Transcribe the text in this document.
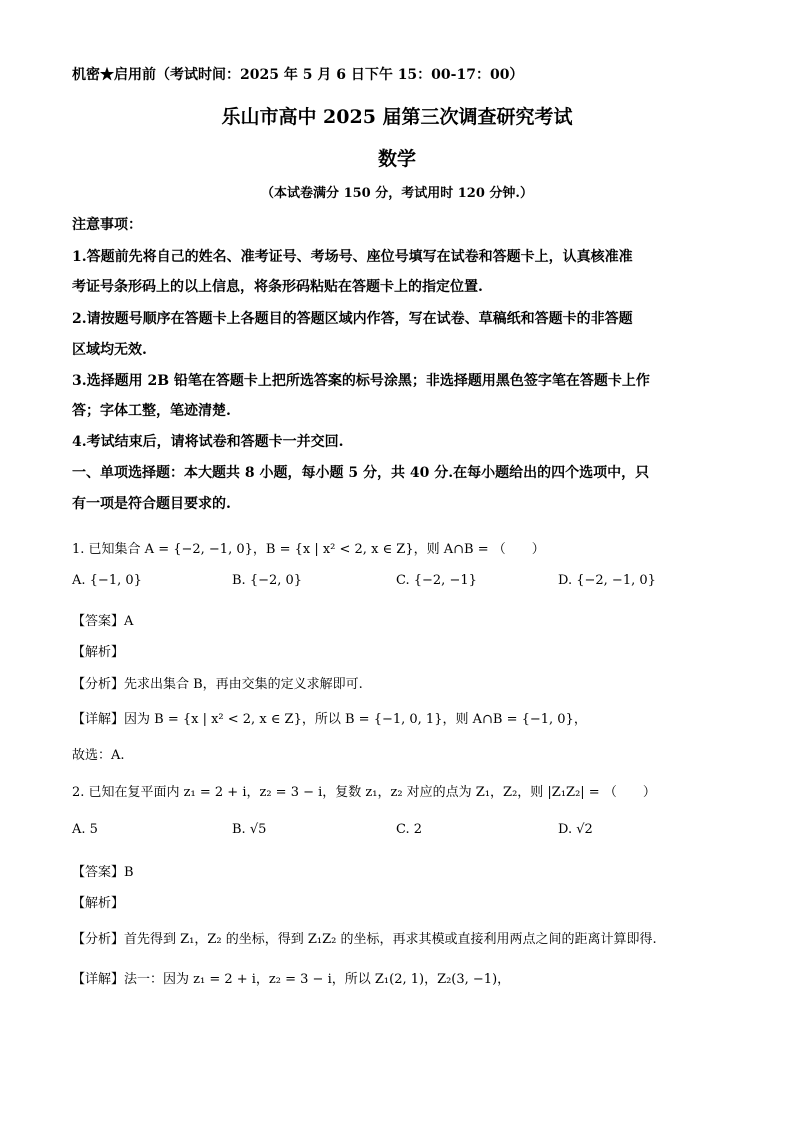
机密★启用前（考试时间：2025 年 5 月 6 日下午 15：00-17：00）
乐山市高中 2025 届第三次调查研究考试
数学
（本试卷满分 150 分，考试用时 120 分钟.）
注意事项：
1.答题前先将自己的姓名、准考证号、考场号、座位号填写在试卷和答题卡上，认真核准准
考证号条形码上的以上信息，将条形码粘贴在答题卡上的指定位置.
2.请按题号顺序在答题卡上各题目的答题区域内作答，写在试卷、草稿纸和答题卡的非答题
区域均无效.
3.选择题用 2B 铅笔在答题卡上把所选答案的标号涂黑；非选择题用黑色签字笔在答题卡上作
答；字体工整，笔迹清楚.
4.考试结束后，请将试卷和答题卡一并交回.
一、单项选择题：本大题共 8 小题，每小题 5 分，共 40 分.在每小题给出的四个选项中，只
有一项是符合题目要求的.
1. 已知集合 A = {−2, −1, 0}，B = {x | x² < 2, x ∈ Z}，则 A∩B = （　　）
A. {−1, 0}	B. {−2, 0}	C. {−2, −1}	D. {−2, −1, 0}
【答案】A
【解析】
【分析】先求出集合 B，再由交集的定义求解即可.
【详解】因为 B = {x | x² < 2, x ∈ Z}，所以 B = {−1, 0, 1}，则 A∩B = {−1, 0}，
故选：A.
2. 已知在复平面内 z₁ = 2 + i，z₂ = 3 − i，复数 z₁，z₂ 对应的点为 Z₁，Z₂，则 |Z₁Z₂| = （　　）
A. 5	B. √5	C. 2	D. √2
【答案】B
【解析】
【分析】首先得到 Z₁，Z₂ 的坐标，得到 Z₁Z₂ 的坐标，再求其模或直接利用两点之间的距离计算即得.
【详解】法一：因为 z₁ = 2 + i，z₂ = 3 − i，所以 Z₁(2, 1)，Z₂(3, −1)，
